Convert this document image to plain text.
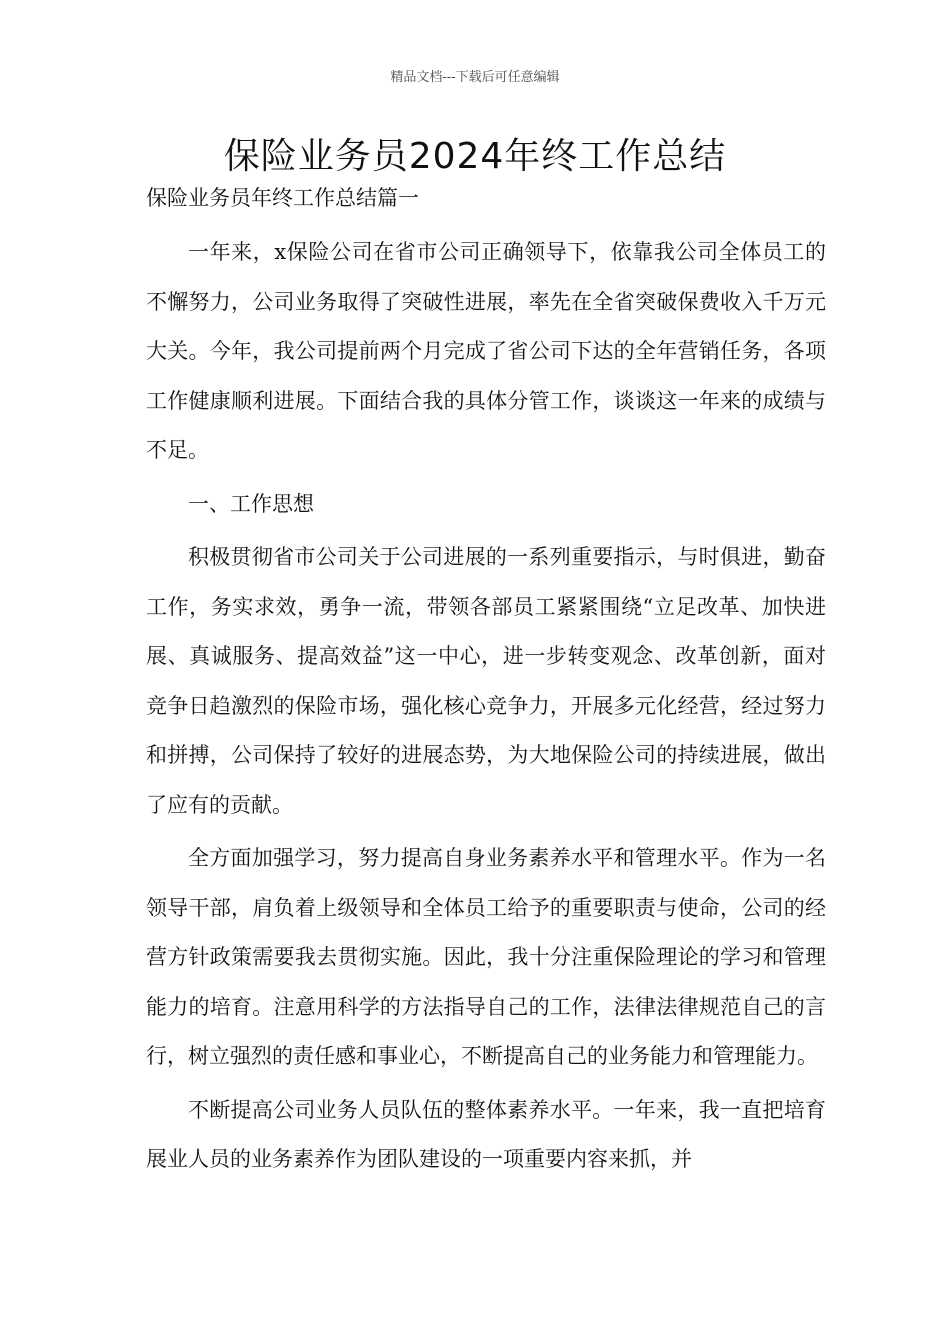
精品文档---下载后可任意编辑
保险业务员2024年终工作总结

保险业务员年终工作总结篇一

一年来，x保险公司在省市公司正确领导下，依靠我公司全体员工的不懈努力，公司业务取得了突破性进展，率先在全省突破保费收入千万元大关。今年，我公司提前两个月完成了省公司下达的全年营销任务，各项工作健康顺利进展。下面结合我的具体分管工作，谈谈这一年来的成绩与不足。

一、工作思想

积极贯彻省市公司关于公司进展的一系列重要指示，与时俱进，勤奋工作，务实求效，勇争一流，带领各部员工紧紧围绕“立足改革、加快进展、真诚服务、提高效益”这一中心，进一步转变观念、改革创新，面对竞争日趋激烈的保险市场，强化核心竞争力，开展多元化经营，经过努力和拼搏，公司保持了较好的进展态势，为大地保险公司的持续进展，做出了应有的贡献。

全方面加强学习，努力提高自身业务素养水平和管理水平。作为一名领导干部，肩负着上级领导和全体员工给予的重要职责与使命，公司的经营方针政策需要我去贯彻实施。因此，我十分注重保险理论的学习和管理能力的培育。注意用科学的方法指导自己的工作，法律法律规范自己的言行，树立强烈的责任感和事业心，不断提高自己的业务能力和管理能力。

不断提高公司业务人员队伍的整体素养水平。一年来，我一直把培育展业人员的业务素养作为团队建设的一项重要内容来抓，并
